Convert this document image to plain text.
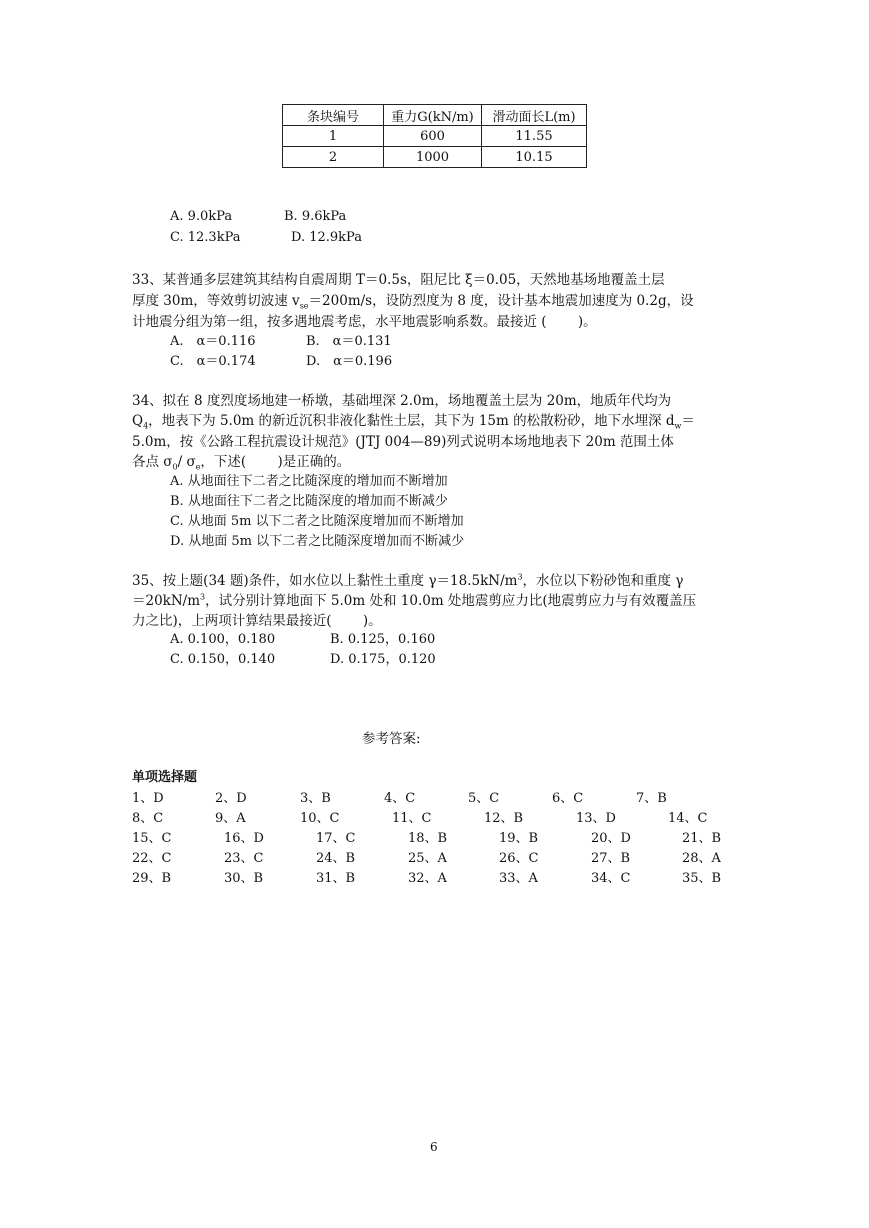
条块编号	重力G(kN/m)	滑动面长L(m)
1	600	11.55
2	1000	10.15
A. 9.0kPa	B. 9.6kPa
C. 12.3kPa	D. 12.9kPa
33、某普通多层建筑其结构自震周期 T＝0.5s，阻尼比 ξ＝0.05，天然地基场地覆盖土层
厚度 30m，等效剪切波速 $v_{se}=200m/s$，设防烈度为 8 度，设计基本地震加速度为 0.2g，设
计地震分组为第一组，按多遇地震考虑，水平地震影响系数。最接近 (　　 )。
A.　α＝0.116	B.　α＝0.131
C.　α＝0.174	D.　α＝0.196
34、拟在 8 度烈度场地建一桥墩，基础埋深 2.0m，场地覆盖土层为 20m，地质年代均为
$Q_4$，地表下为 5.0m 的新近沉积非液化黏性土层，其下为 15m 的松散粉砂，地下水埋深 $d_w=$
5.0m，按《公路工程抗震设计规范》(JTJ 004—89)列式说明本场地地表下 20m 范围土体
各点 $\sigma_0/$ $\sigma_e$，下述(　　 )是正确的。
A. 从地面往下二者之比随深度的增加而不断增加
B. 从地面往下二者之比随深度的增加而不断减少
C. 从地面 5m 以下二者之比随深度增加而不断增加
D. 从地面 5m 以下二者之比随深度增加而不断减少
35、按上题(34 题)条件，如水位以上黏性土重度 $\gamma=18.5kN/m^3$，水位以下粉砂饱和重度 γ
$=20kN/m^3$，试分别计算地面下 5.0m 处和 10.0m 处地震剪应力比(地震剪应力与有效覆盖压
力之比)，上两项计算结果最接近(　　 )。
A. 0.100，0.180	B. 0.125，0.160
C. 0.150，0.140	D. 0.175，0.120
参考答案:
单项选择题
1、D	2、D	3、B	4、C	5、C	6、C	7、B
8、C	9、A	10、C	11、C	12、B	13、D	14、C
15、C	16、D	17、C	18、B	19、B	20、D	21、B
22、C	23、C	24、B	25、A	26、C	27、B	28、A
29、B	30、B	31、B	32、A	33、A	34、C	35、B
6
